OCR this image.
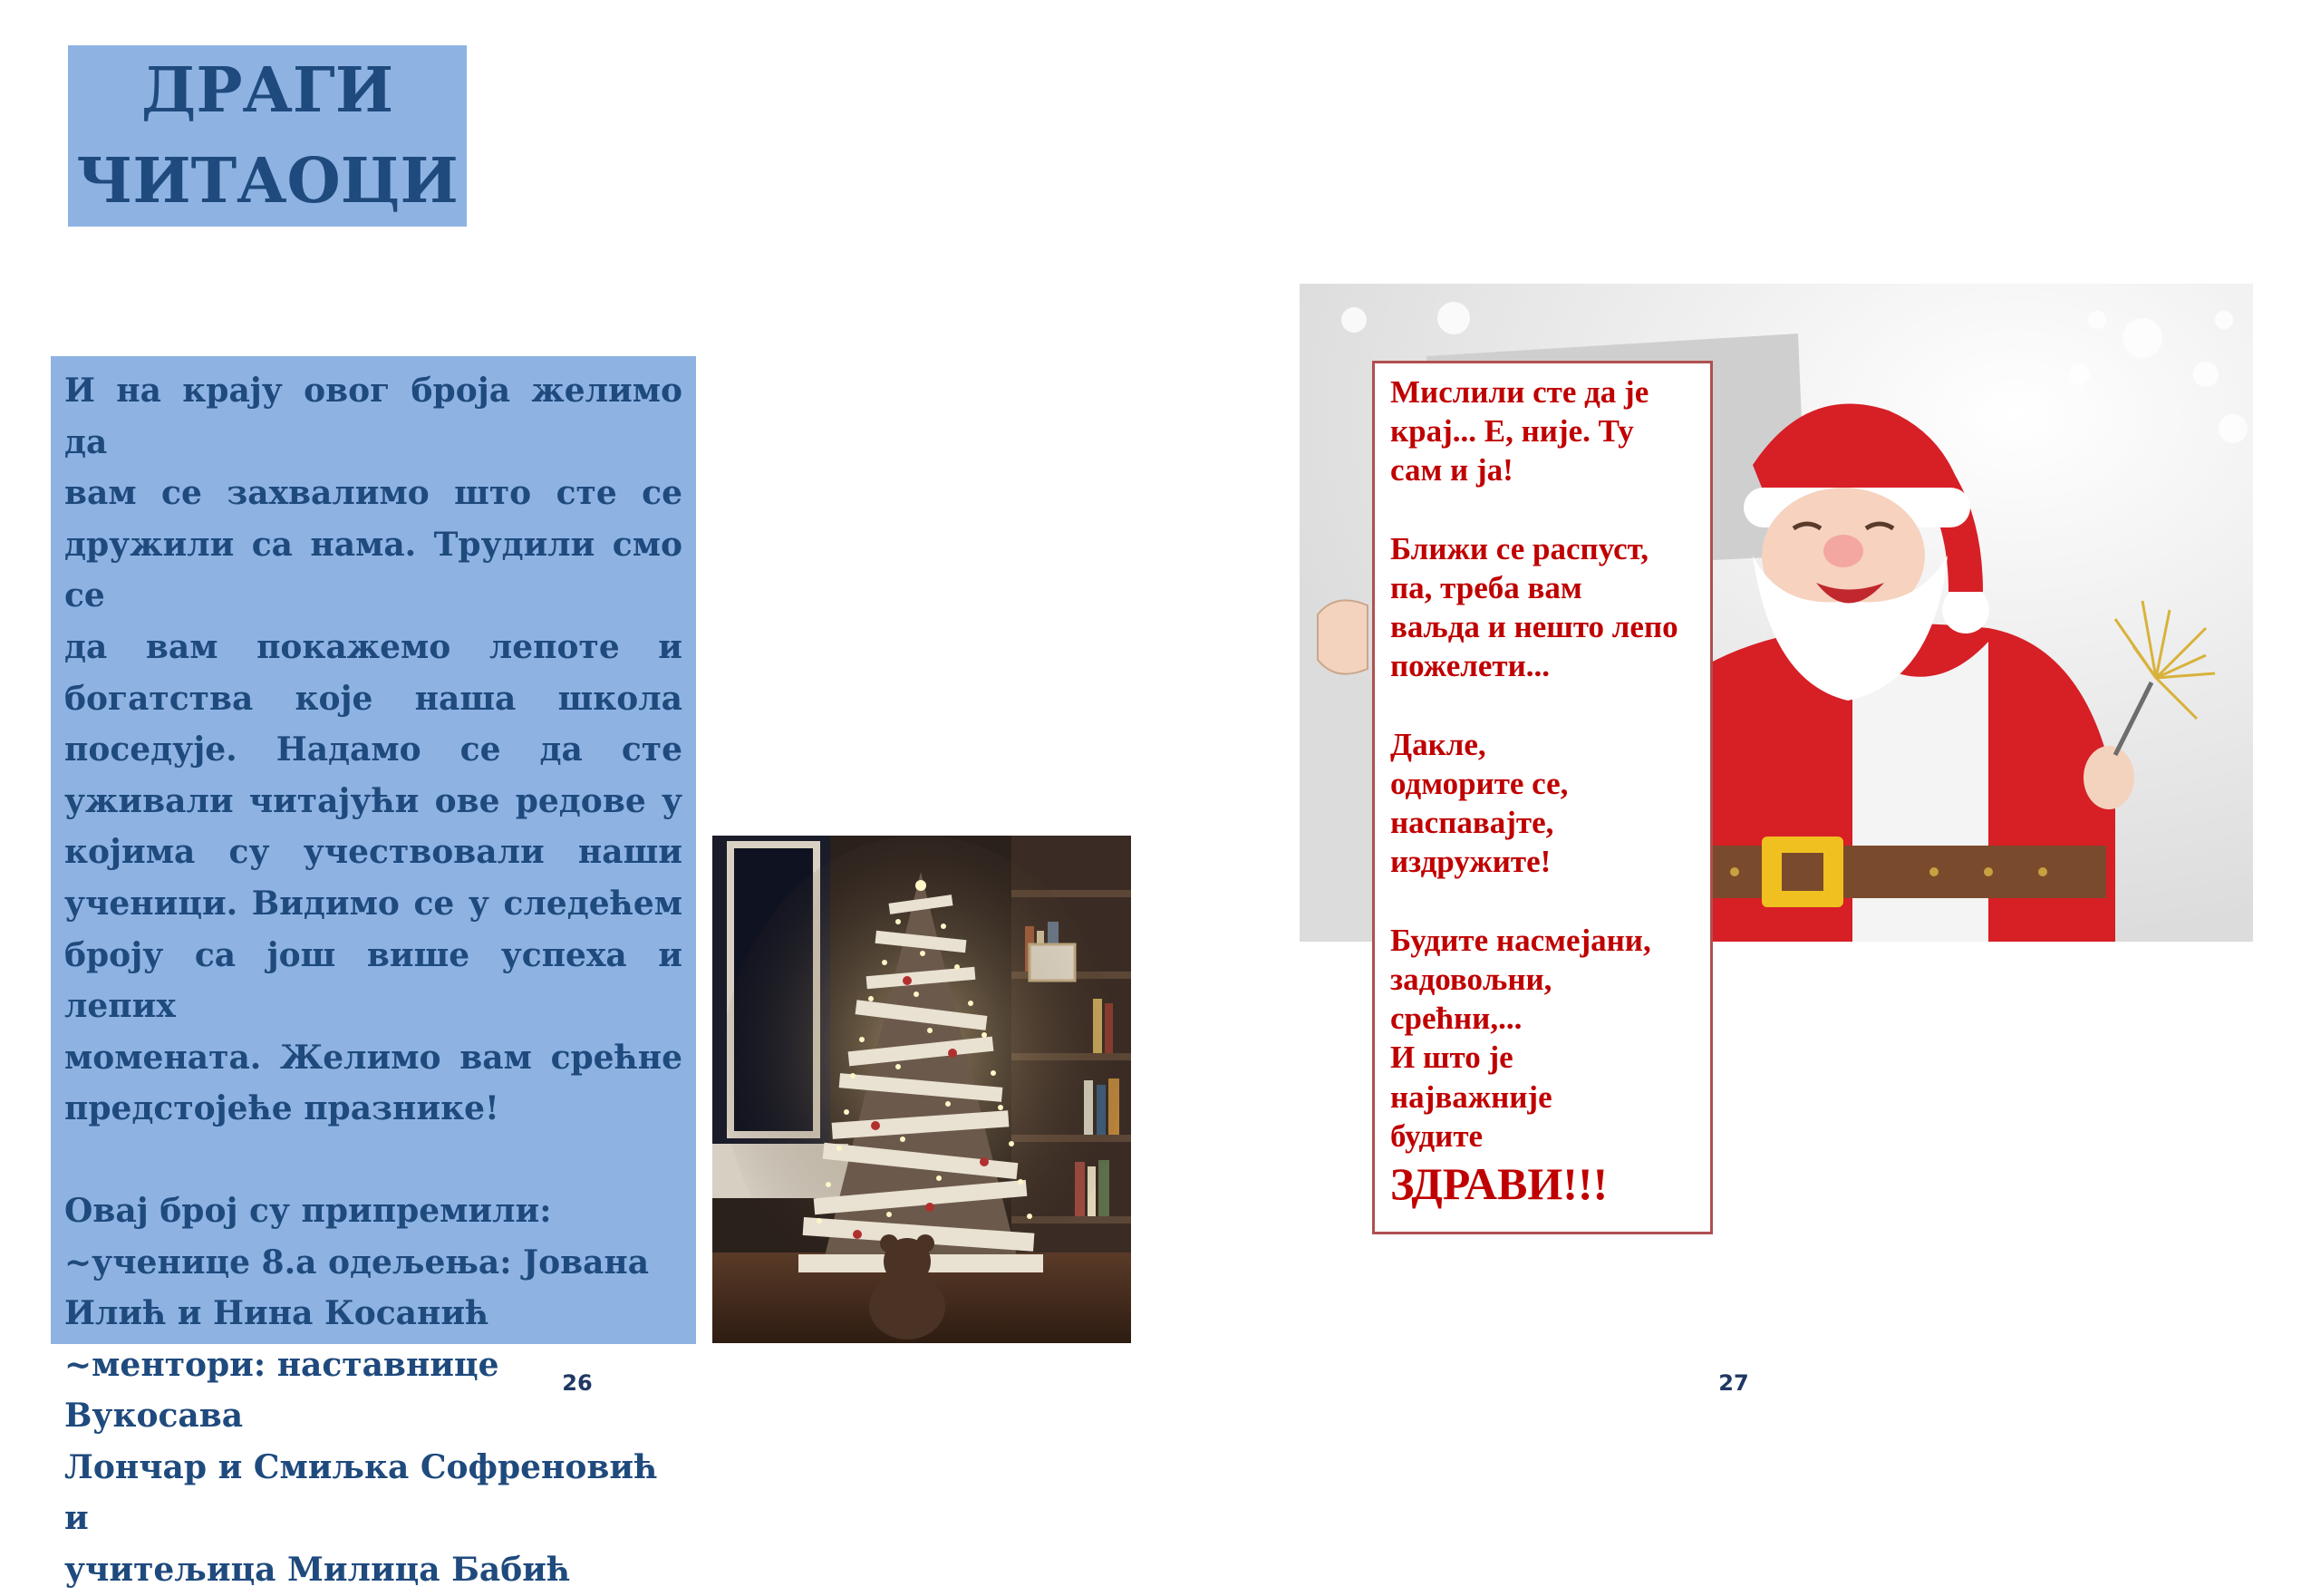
ДРАГИ
ЧИТАОЦИ
И на крају овог броја желимо да
вам се захвалимо што сте се
дружили са нама. Трудили смо се
да вам покажемо лепоте и
богатства које наша школа
поседује. Надамо се да сте
уживали читајући ове редове у
којима су учествовали наши
ученици. Видимо се у следећем
броју са још више успеха и лепих
момената. Желимо вам срећне
предстојеће празнике!
Овај број су припремили:
~ученице 8.а одељења: Јована
Илић и Нина Косанић
~ментори: наставнице Вукосава
Лончар и Смиљка Софреновић и
учитељица Милица Бабић
26
Мислили сте да је
крај... Е, није. Ту
сам и ја!
Ближи се распуст,
па, треба вам
ваљда и нешто лепо
пожелети...
Дакле,
одморите се,
наспавајте,
издружите!
Будите насмејани,
задовољни,
срећни,...
И што је
најважније
будите
ЗДРАВИ!!!
27
